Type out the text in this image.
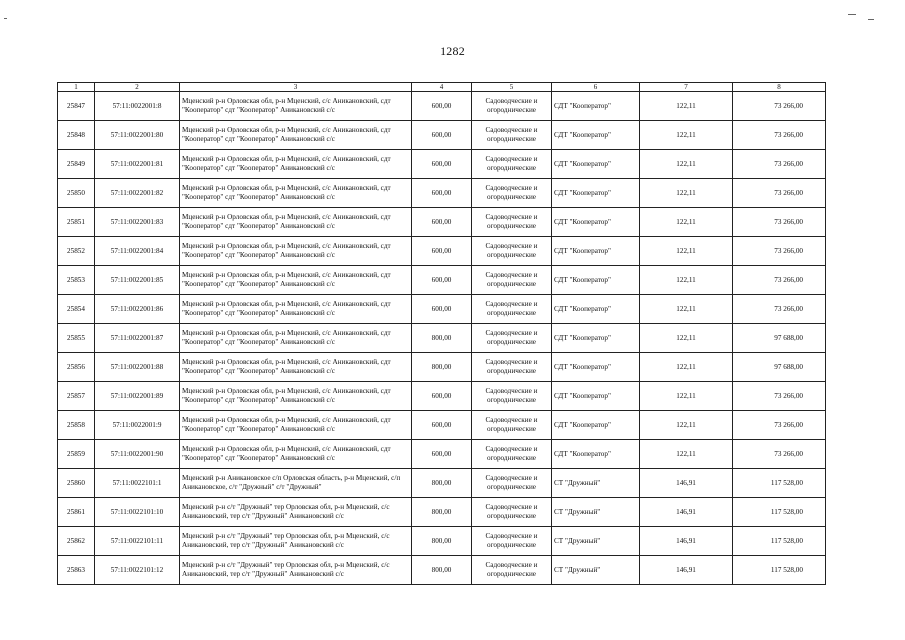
1282
1	2	3	4	5	6	7	8
25847	57:11:0022001:8	Мценский р-н Орловская обл, р-н Мценский, с/с Аникановский, сдт "Кооператор" сдт "Кооператор" Аникановский с/с	600,00	Садоводческие и огороднические	СДТ "Кооператор"	122,11	73 266,00
25848	57:11:0022001:80	Мценский р-н Орловская обл, р-н Мценский, с/с Аникановский, сдт "Кооператор" сдт "Кооператор" Аникановский с/с	600,00	Садоводческие и огороднические	СДТ "Кооператор"	122,11	73 266,00
25849	57:11:0022001:81	Мценский р-н Орловская обл, р-н Мценский, с/с Аникановский, сдт "Кооператор" сдт "Кооператор" Аникановский с/с	600,00	Садоводческие и огороднические	СДТ "Кооператор"	122,11	73 266,00
25850	57:11:0022001:82	Мценский р-н Орловская обл, р-н Мценский, с/с Аникановский, сдт "Кооператор" сдт "Кооператор" Аникановский с/с	600,00	Садоводческие и огороднические	СДТ "Кооператор"	122,11	73 266,00
25851	57:11:0022001:83	Мценский р-н Орловская обл, р-н Мценский, с/с Аникановский, сдт "Кооператор" сдт "Кооператор" Аникановский с/с	600,00	Садоводческие и огороднические	СДТ "Кооператор"	122,11	73 266,00
25852	57:11:0022001:84	Мценский р-н Орловская обл, р-н Мценский, с/с Аникановский, сдт "Кооператор" сдт "Кооператор" Аникановский с/с	600,00	Садоводческие и огороднические	СДТ "Кооператор"	122,11	73 266,00
25853	57:11:0022001:85	Мценский р-н Орловская обл, р-н Мценский, с/с Аникановский, сдт "Кооператор" сдт "Кооператор" Аникановский с/с	600,00	Садоводческие и огороднические	СДТ "Кооператор"	122,11	73 266,00
25854	57:11:0022001:86	Мценский р-н Орловская обл, р-н Мценский, с/с Аникановский, сдт "Кооператор" сдт "Кооператор" Аникановский с/с	600,00	Садоводческие и огороднические	СДТ "Кооператор"	122,11	73 266,00
25855	57:11:0022001:87	Мценский р-н Орловская обл, р-н Мценский, с/с Аникановский, сдт "Кооператор" сдт "Кооператор" Аникановский с/с	800,00	Садоводческие и огороднические	СДТ "Кооператор"	122,11	97 688,00
25856	57:11:0022001:88	Мценский р-н Орловская обл, р-н Мценский, с/с Аникановский, сдт "Кооператор" сдт "Кооператор" Аникановский с/с	800,00	Садоводческие и огороднические	СДТ "Кооператор"	122,11	97 688,00
25857	57:11:0022001:89	Мценский р-н Орловская обл, р-н Мценский, с/с Аникановский, сдт "Кооператор" сдт "Кооператор" Аникановский с/с	600,00	Садоводческие и огороднические	СДТ "Кооператор"	122,11	73 266,00
25858	57:11:0022001:9	Мценский р-н Орловская обл, р-н Мценский, с/с Аникановский, сдт "Кооператор" сдт "Кооператор" Аникановский с/с	600,00	Садоводческие и огороднические	СДТ "Кооператор"	122,11	73 266,00
25859	57:11:0022001:90	Мценский р-н Орловская обл, р-н Мценский, с/с Аникановский, сдт "Кооператор" сдт "Кооператор" Аникановский с/с	600,00	Садоводческие и огороднические	СДТ "Кооператор"	122,11	73 266,00
25860	57:11:0022101:1	Мценский р-н Аникановское с/п Орловская область, р-н Мценский, с/п Аникановское, с/т "Дружный" с/т "Дружный"	800,00	Садоводческие и огороднические	СТ "Дружный"	146,91	117 528,00
25861	57:11:0022101:10	Мценский р-н с/т "Дружный" тер Орловская обл, р-н Мценский, с/с Аникановский, тер с/т "Дружный" Аникановский с/с	800,00	Садоводческие и огороднические	СТ "Дружный"	146,91	117 528,00
25862	57:11:0022101:11	Мценский р-н с/т "Дружный" тер Орловская обл, р-н Мценский, с/с Аникановский, тер с/т "Дружный" Аникановский с/с	800,00	Садоводческие и огороднические	СТ "Дружный"	146,91	117 528,00
25863	57:11:0022101:12	Мценский р-н с/т "Дружный" тер Орловская обл, р-н Мценский, с/с Аникановский, тер с/т "Дружный" Аникановский с/с	800,00	Садоводческие и огороднические	СТ "Дружный"	146,91	117 528,00
